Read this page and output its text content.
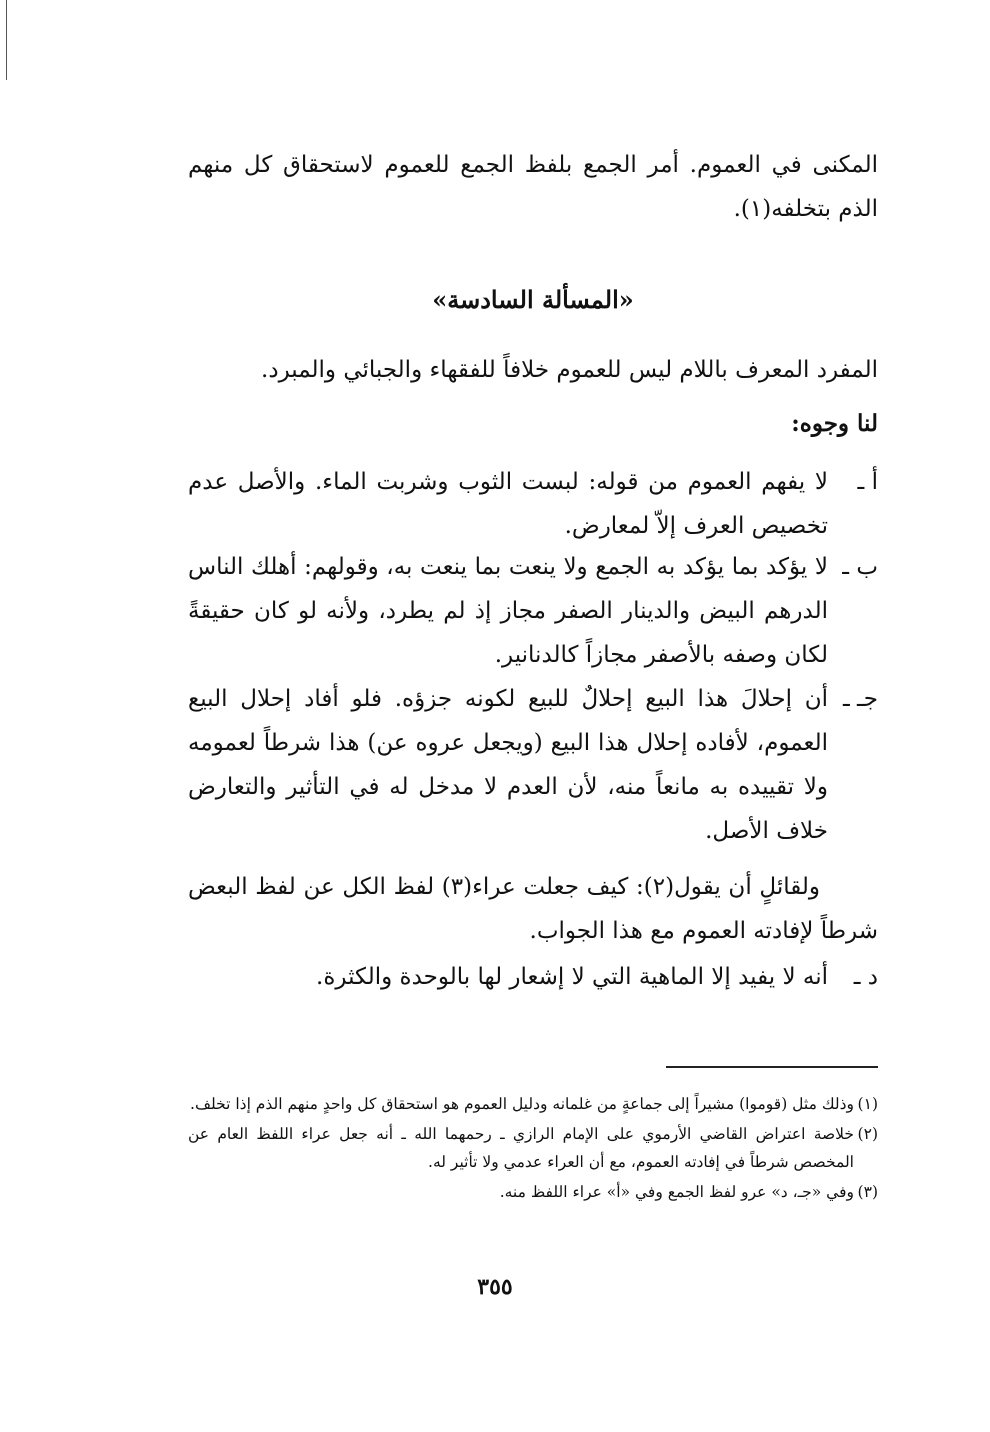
المكنى في العموم. أمر الجمع بلفظ الجمع للعموم لاستحقاق كل منهم الذم بتخلفه(١).

«المسألة السادسة»

المفرد المعرف باللام ليس للعموم خلافاً للفقهاء والجبائي والمبرد.

لنا وجوه:

أ ـ
لا يفهم العموم من قوله: لبست الثوب وشربت الماء. والأصل عدم تخصيص العرف إلاّ لمعارض.
ب ـ
لا يؤكد بما يؤكد به الجمع ولا ينعت بما ينعت به، وقولهم: أهلك الناس الدرهم البيض والدينار الصفر مجاز إذ لم يطرد، ولأنه لو كان حقيقةً لكان وصفه بالأصفر مجازاً كالدنانير.
جـ ـ
أن إحلالَ هذا البيع إحلالٌ للبيع لكونه جزؤه. فلو أفاد إحلال البيع العموم، لأفاده إحلال هذا البيع (ويجعل عروه عن) هذا شرطاً لعمومه ولا تقييده به مانعاً منه، لأن العدم لا مدخل له في التأثير والتعارض خلاف الأصل.

ولقائلٍ أن يقول(٢): كيف جعلت عراء(٣) لفظ الكل عن لفظ البعض شرطاً لإفادته العموم مع هذا الجواب.

د ـ
أنه لا يفيد إلا الماهية التي لا إشعار لها بالوحدة والكثرة.
(١)
وذلك مثل (قوموا) مشيراً إلى جماعةٍ من غلمانه ودليل العموم هو استحقاق كل واحدٍ منهم الذم إذا تخلف.
(٢)
خلاصة اعتراض القاضي الأرموي على الإمام الرازي ـ رحمهما الله ـ أنه جعل عراء اللفظ العام عن المخصص شرطاً في إفادته العموم، مع أن العراء عدمي ولا تأثير له.
(٣)
وفي «جـ، د» عرو لفظ الجمع وفي «أ» عراء اللفظ منه.
٣٥٥
